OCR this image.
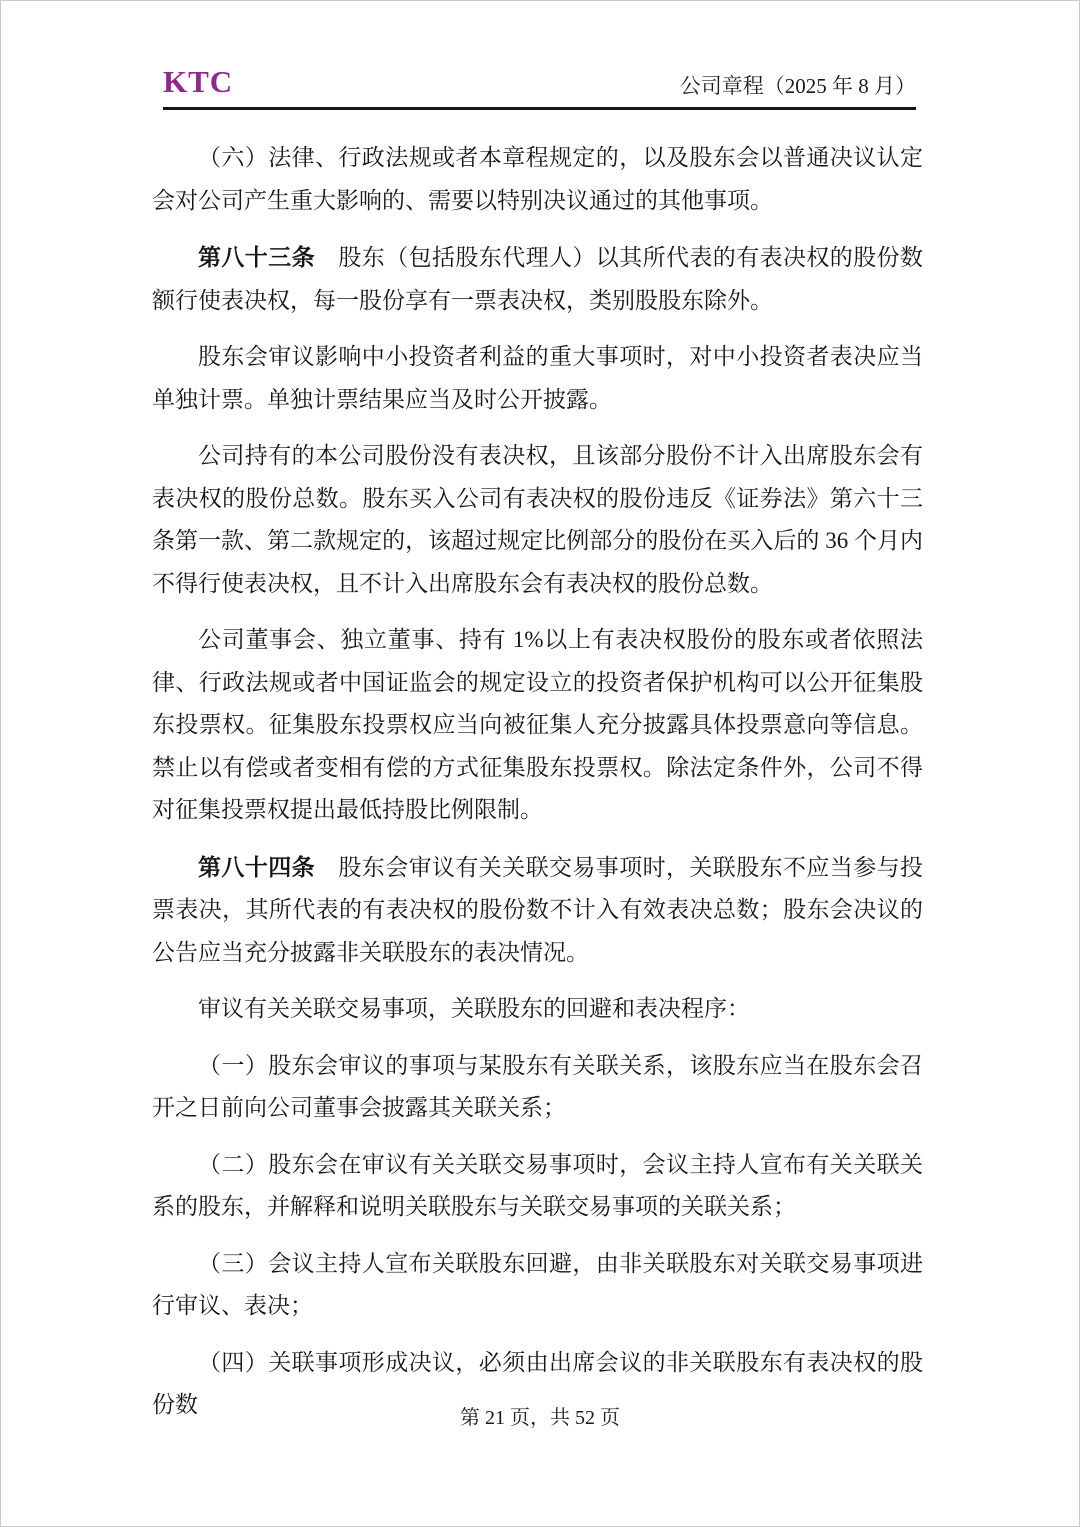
KTC	公司章程（2025 年 8 月）

（六）法律、行政法规或者本章程规定的，以及股东会以普通决议认定会对公司产生重大影响的、需要以特别决议通过的其他事项。

第八十三条　股东（包括股东代理人）以其所代表的有表决权的股份数额行使表决权，每一股份享有一票表决权，类别股股东除外。

股东会审议影响中小投资者利益的重大事项时，对中小投资者表决应当单独计票。单独计票结果应当及时公开披露。

公司持有的本公司股份没有表决权，且该部分股份不计入出席股东会有表决权的股份总数。股东买入公司有表决权的股份违反《证券法》第六十三条第一款、第二款规定的，该超过规定比例部分的股份在买入后的 36 个月内不得行使表决权，且不计入出席股东会有表决权的股份总数。

公司董事会、独立董事、持有 1%以上有表决权股份的股东或者依照法律、行政法规或者中国证监会的规定设立的投资者保护机构可以公开征集股东投票权。征集股东投票权应当向被征集人充分披露具体投票意向等信息。禁止以有偿或者变相有偿的方式征集股东投票权。除法定条件外，公司不得对征集投票权提出最低持股比例限制。

第八十四条　股东会审议有关关联交易事项时，关联股东不应当参与投票表决，其所代表的有表决权的股份数不计入有效表决总数；股东会决议的公告应当充分披露非关联股东的表决情况。

审议有关关联交易事项，关联股东的回避和表决程序：

（一）股东会审议的事项与某股东有关联关系，该股东应当在股东会召开之日前向公司董事会披露其关联关系；

（二）股东会在审议有关关联交易事项时，会议主持人宣布有关关联关系的股东，并解释和说明关联股东与关联交易事项的关联关系；

（三）会议主持人宣布关联股东回避，由非关联股东对关联交易事项进行审议、表决；

（四）关联事项形成决议，必须由出席会议的非关联股东有表决权的股份数

第 21 页，共 52 页
